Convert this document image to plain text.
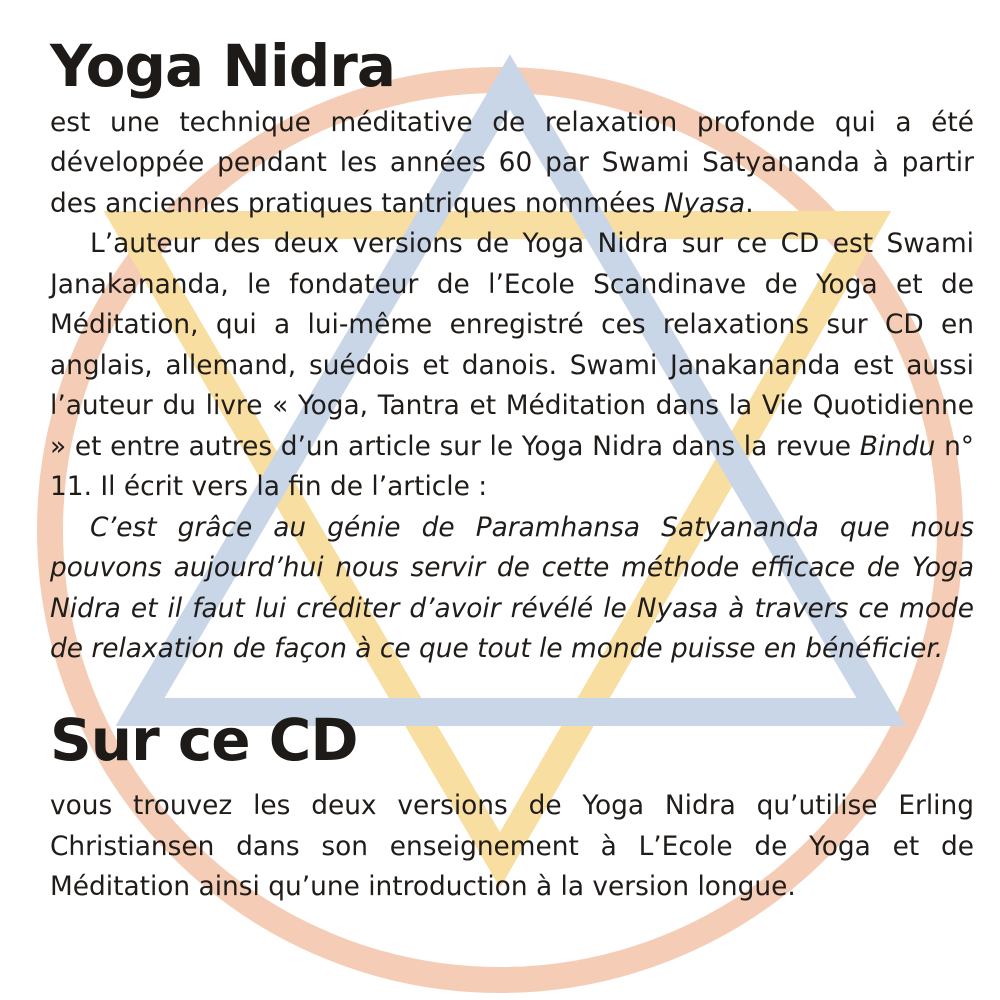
Yoga Nidra

est une technique méditative de relaxation profonde qui a été développée pendant les années 60 par Swami Satyananda à partir des anciennes pratiques tantriques nommées Nyasa.

L’auteur des deux versions de Yoga Nidra sur ce CD est Swami Janakananda, le fondateur de l’Ecole Scandinave de Yoga et de Méditation, qui a lui-même enregistré ces relaxations sur CD en anglais, allemand, suédois et danois. Swami Janakananda est aussi l’auteur du livre « Yoga, Tantra et Méditation dans la Vie Quotidienne » et entre autres d’un article sur le Yoga Nidra dans la revue Bindu n° 11. Il écrit vers la fin de l’article :

C’est grâce au génie de Paramhansa Satyananda que nous pouvons aujourd’hui nous servir de cette méthode efficace de Yoga Nidra et il faut lui créditer d’avoir révélé le Nyasa à travers ce mode de relaxation de façon à ce que tout le monde puisse en bénéficier.

Sur ce CD

vous trouvez les deux versions de Yoga Nidra qu’utilise Erling Christiansen dans son enseignement à L’Ecole de Yoga et de Méditation ainsi qu’une introduction à la version longue.
